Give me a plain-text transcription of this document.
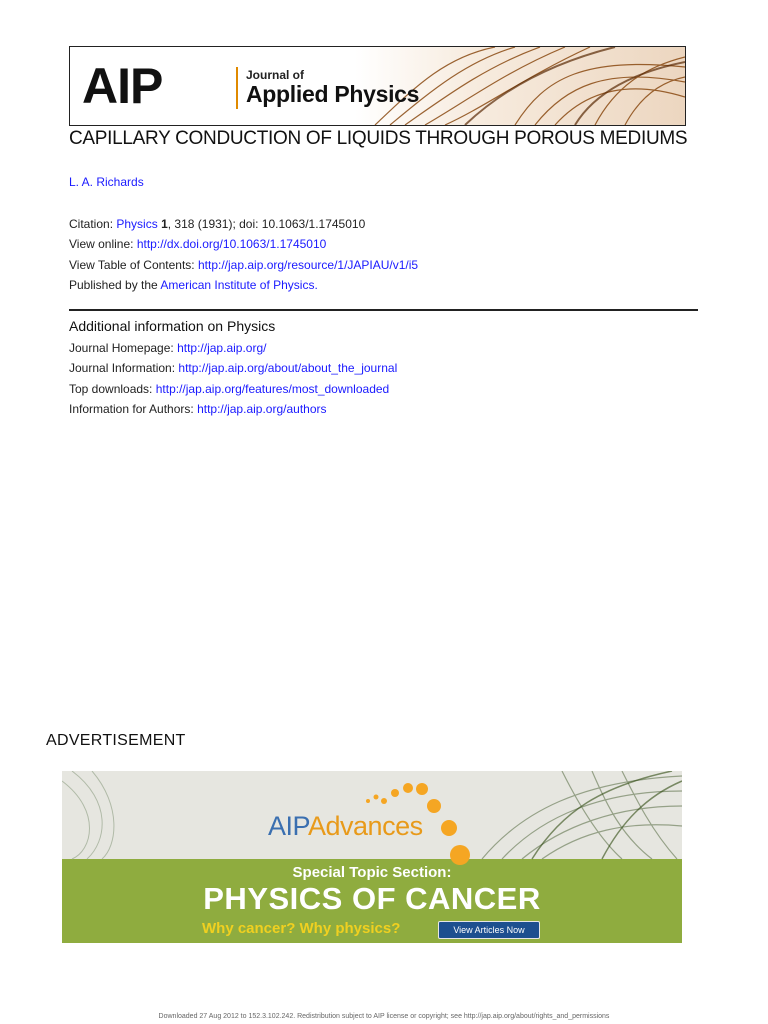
AIP	Journal of
Applied Physics
CAPILLARY CONDUCTION OF LIQUIDS THROUGH POROUS MEDIUMS
L. A. Richards
Citation: Physics 1, 318 (1931); doi: 10.1063/1.1745010
View online: http://dx.doi.org/10.1063/1.1745010
View Table of Contents: http://jap.aip.org/resource/1/JAPIAU/v1/i5
Published by the American Institute of Physics.
Additional information on Physics
Journal Homepage: http://jap.aip.org/
Journal Information: http://jap.aip.org/about/about_the_journal
Top downloads: http://jap.aip.org/features/most_downloaded
Information for Authors: http://jap.aip.org/authors
ADVERTISEMENT
AIPAdvances
Special Topic Section:
PHYSICS OF CANCER
Why cancer? Why physics?	View Articles Now
Downloaded 27 Aug 2012 to 152.3.102.242. Redistribution subject to AIP license or copyright; see http://jap.aip.org/about/rights_and_permissions
